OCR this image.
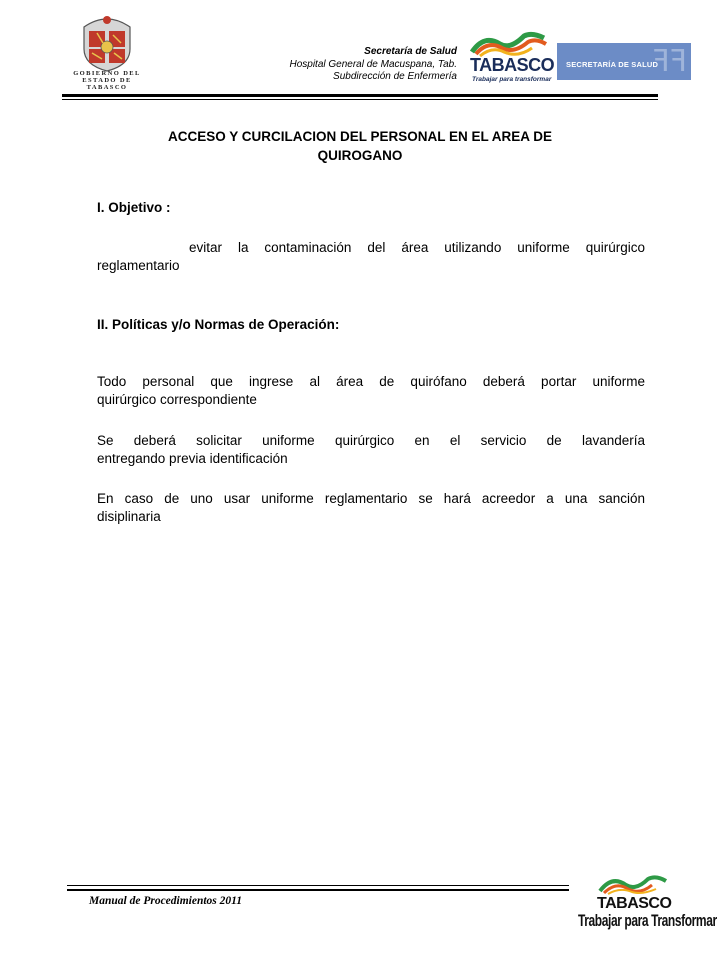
GOBIERNO DEL
ESTADO DE
TABASCO
Secretaría de Salud
Hospital General de Macuspana, Tab.
Subdirección de Enfermería
TABASCO
Trabajar para transformar
SECRETARÍA DE SALUD
ꟻꟻ
ACCESO Y CURCILACION DEL PERSONAL EN EL AREA DE
QUIROGANO
I. Objetivo :
evitar la contaminación del área utilizando uniforme quirúrgico
reglamentario
II. Políticas y/o Normas de Operación:
Todo personal que ingrese al área de quirófano deberá portar uniforme
quirúrgico correspondiente
Se deberá solicitar uniforme quirúrgico en el servicio de lavandería
entregando previa identificación
En caso de uno usar uniforme reglamentario se hará acreedor a una sanción
disiplinaria
Manual de Procedimientos 2011	TABASCO
Trabajar para Transformar
